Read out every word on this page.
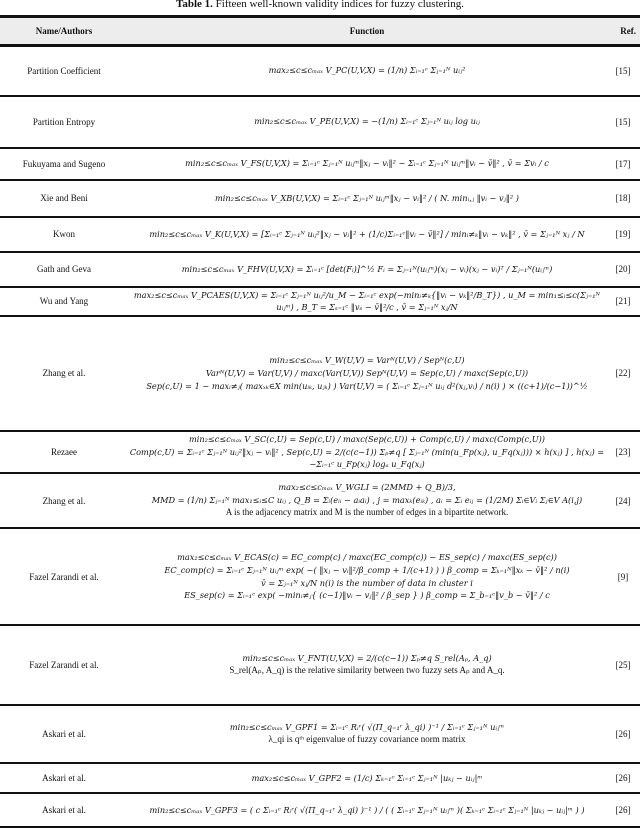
Table 1. Fifteen well-known validity indices for fuzzy clustering.
Name/Authors	Function	Ref.
Partition Coefficient	max₂≤c≤cₘₐₓ V_PC(U,V,X) = (1/n) Σᵢ₌₁ᶜ Σⱼ₌₁ᴺ uᵢⱼ²	[15]
Partition Entropy	min₂≤c≤cₘₐₓ V_PE(U,V,X) = −(1/n) Σᵢ₌₁ᶜ Σⱼ₌₁ᴺ uᵢⱼ log uᵢⱼ	[15]
Fukuyama and Sugeno	min₂≤c≤cₘₐₓ V_FS(U,V,X) = Σᵢ₌₁ᶜ Σⱼ₌₁ᴺ uᵢⱼᵐ‖xⱼ − vᵢ‖² − Σᵢ₌₁ᶜ Σⱼ₌₁ᴺ uᵢⱼᵐ‖vᵢ − v̄‖² , v̄ = Σvᵢ / c	[17]
Xie and Beni	min₂≤c≤cₘₐₓ V_XB(U,V,X) = Σᵢ₌₁ᶜ Σⱼ₌₁ᴺ uᵢⱼᵐ‖xⱼ − vᵢ‖² / ( N. minᵢ,ⱼ ‖vᵢ − vⱼ‖² )	[18]
Kwon	min₂≤c≤cₘₐₓ V_K(U,V,X) = [Σᵢ₌₁ᶜ Σⱼ₌₁ᴺ uᵢⱼ²‖xⱼ − vᵢ‖² + (1/c)Σᵢ₌₁ᶜ‖vᵢ − v̄‖²] / minᵢ≠ₖ‖vᵢ − vₖ‖² , v̄ = Σⱼ₌₁ᴺ xⱼ / N	[19]
Gath and Geva	min₂≤c≤cₘₐₓ V_FHV(U,V,X) = Σᵢ₌₁ᶜ [det(Fᵢ)]^½ Fᵢ = Σⱼ₌₁ᴺ(uᵢⱼᵐ)(xⱼ − vᵢ)(xⱼ − vᵢ)ᵀ / Σⱼ₌₁ᴺ(uᵢⱼᵐ)	[20]
Wu and Yang	max₂≤c≤cₘₐₓ V_PCAES(U,V,X) = Σᵢ₌₁ᶜ Σⱼ₌₁ᴺ uᵢⱼ²/u_M − Σᵢ₌₁ᶜ exp(−minᵢ≠ₖ{‖vᵢ − vₖ‖²/B_T}) , u_M = min₁≤ᵢ≤c(Σⱼ₌₁ᴺ uᵢⱼᵐ) , B_T = Σₛ₌₁ᶜ ‖vₛ − v̄‖²/c , v̄ = Σⱼ₌₁ᴺ xⱼ/N	[21]
Zhang et al.	min₂≤c≤cₘₐₓ V_W(U,V) = Varᴺ(U,V) / Sepᴺ(c,U)
Varᴺ(U,V) = Var(U,V) / maxc(Var(U,V)) Sepᴺ(U,V) = Sep(c,U) / maxc(Sep(c,U))
Sep(c,U) = 1 − maxᵢ≠ⱼ( maxₓₖ∈X min(uᵢₖ, uⱼₖ) ) Var(U,V) = ( Σᵢ₌₁ᶜ Σⱼ₌₁ᴺ uᵢⱼ d²(xⱼ,vᵢ) / n(i) ) × ((c+1)/(c−1))^½	[22]
Rezaee	min₂≤c≤cₘₐₓ V_SC(c,U) = Sep(c,U) / maxc(Sep(c,U)) + Comp(c,U) / maxc(Comp(c,U))
Comp(c,U) = Σᵢ₌₁ᶜ Σⱼ₌₁ᴺ uᵢⱼ²‖xⱼ − vᵢ‖² , Sep(c,U) = 2/(c(c−1)) Σₚ≠q [ Σⱼ₌₁ᴺ (min(u_Fp(xⱼ), u_Fq(xⱼ))) × h(xⱼ) ] , h(xⱼ) = −Σᵢ₌₁ᶜ u_Fp(xⱼ) logₐ u_Fq(xⱼ)	[23]
Zhang et al.	max₂≤c≤cₘₐₓ V_WGLI = (2MMD + Q_B)/3,
MMD = (1/n) Σⱼ₌₁ᴺ max₁≤ᵢ≤C uᵢⱼ , Q_B = Σᵢ(eᵢᵢ − aᵢaᵢ) , j = maxₖ(eᵢₖ) , aᵢ = Σᵢ eᵢⱼ = (1/2M) Σᵢ∈Vᵢ Σⱼ∈V A(i,j)
A is the adjacency matrix and M is the number of edges in a bipartite network.	[24]
Fazel Zarandi et al.	max₂≤c≤cₘₐₓ V_ECAS(c) = EC_comp(c) / maxc(EC_comp(c)) − ES_sep(c) / maxc(ES_sep(c))
EC_comp(c) = Σᵢ₌₁ᶜ Σⱼ₌₁ᴺ uᵢⱼᵐ exp( −( ‖xⱼ − vᵢ‖²/β_comp + 1/(c+1) ) ) β_comp = Σₖ₌₁ᴺ‖xₖ − v̄‖² / n(i)
v̄ = Σⱼ₌₁ᴺ xⱼ/N n(i) is the number of data in cluster i
ES_sep(c) = Σᵢ₌₁ᶜ exp( −minᵢ≠ⱼ{ (c−1)‖vᵢ − vⱼ‖² / β_sep } ) β_comp = Σ_b₌₁ᶜ‖v_b − v̄‖² / c	[9]
Fazel Zarandi et al.	min₂≤c≤cₘₐₓ V_FNT(U,V,X) = 2/(c(c−1)) Σₚ≠q S_rel(Aₚ, A_q)
S_rel(Aₚ, A_q) is the relative similarity between two fuzzy sets Aₚ and A_q.	[25]
Askari et al.	min₂≤c≤cₘₐₓ V_GPF1 = Σᵢ₌₁ᶜ Rᵢʳ( √(Π_q₌₁ʳ λ_qi) )⁻¹ / Σᵢ₌₁ᶜ Σⱼ₌₁ᴺ uᵢⱼᵐ
λ_qi is qᵗʰ eigenvalue of fuzzy covariance norm matrix	[26]
Askari et al.	max₂≤c≤cₘₐₓ V_GPF2 = (1/c) Σₖ₌₁ᶜ Σᵢ₌₁ᶜ Σⱼ₌₁ᴺ |uₖⱼ − uᵢⱼ|ᵐ	[26]
Askari et al.	min₂≤c≤cₘₐₓ V_GPF3 = ( c Σᵢ₌₁ᶜ Rᵢʳ( √(Π_q₌₁ʳ λ_qi) )⁻¹ ) / ( ( Σᵢ₌₁ᶜ Σⱼ₌₁ᴺ uᵢⱼᵐ )( Σₖ₌₁ᶜ Σᵢ₌₁ᶜ Σⱼ₌₁ᴺ |uₖⱼ − uᵢⱼ|ᵐ ) )	[26]
